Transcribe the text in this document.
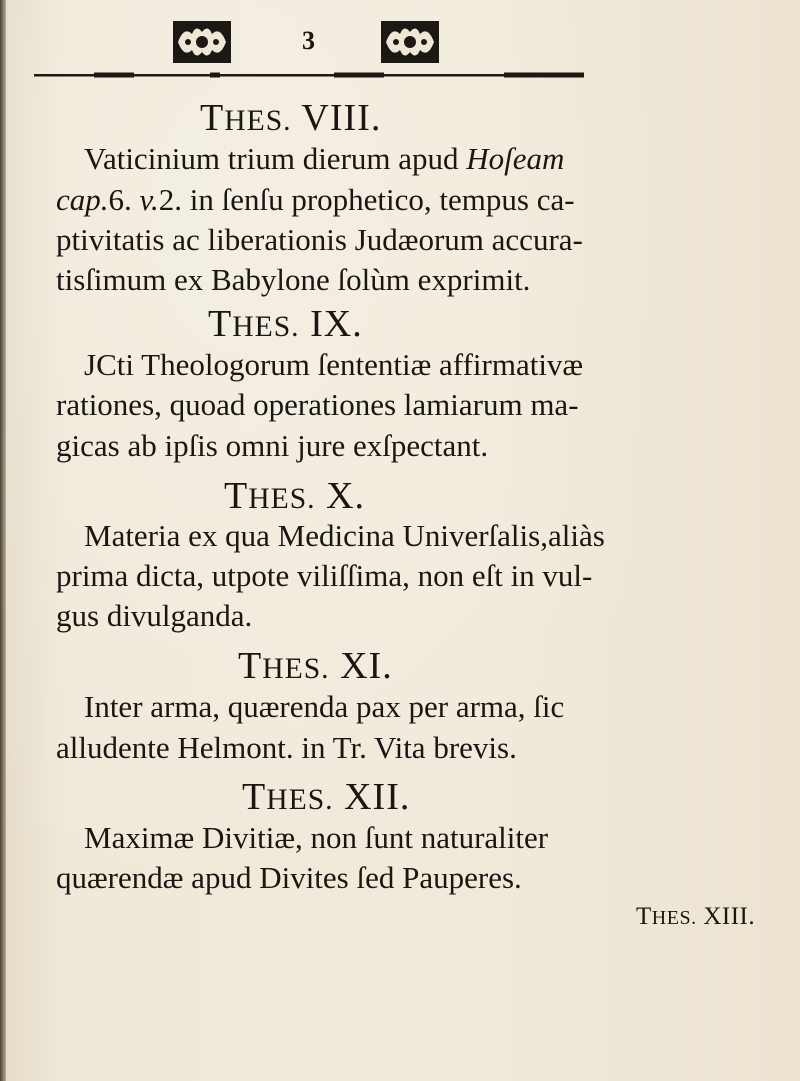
3
THES. VIII.
Vaticinium trium dierum apud Hoſeam
cap.6. v.2. in ſenſu prophetico, tempus ca-
ptivitatis ac liberationis Judæorum accura-
tisſimum ex Babylone ſolùm exprimit.
THES. IX.
JCti Theologorum ſententiæ affirmativæ
rationes, quoad operationes lamiarum ma-
gicas ab ipſis omni jure exſpectant.
THES. X.
Materia ex qua Medicina Univerſalis,aliàs
prima dicta, utpote viliſſima, non eſt in vul-
gus divulganda.
THES. XI.
Inter arma, quærenda pax per arma, ſic
alludente Helmont. in Tr. Vita brevis.
THES. XII.
Maximæ Divitiæ, non ſunt naturaliter
quærendæ apud Divites ſed Pauperes.
THES. XIII.
